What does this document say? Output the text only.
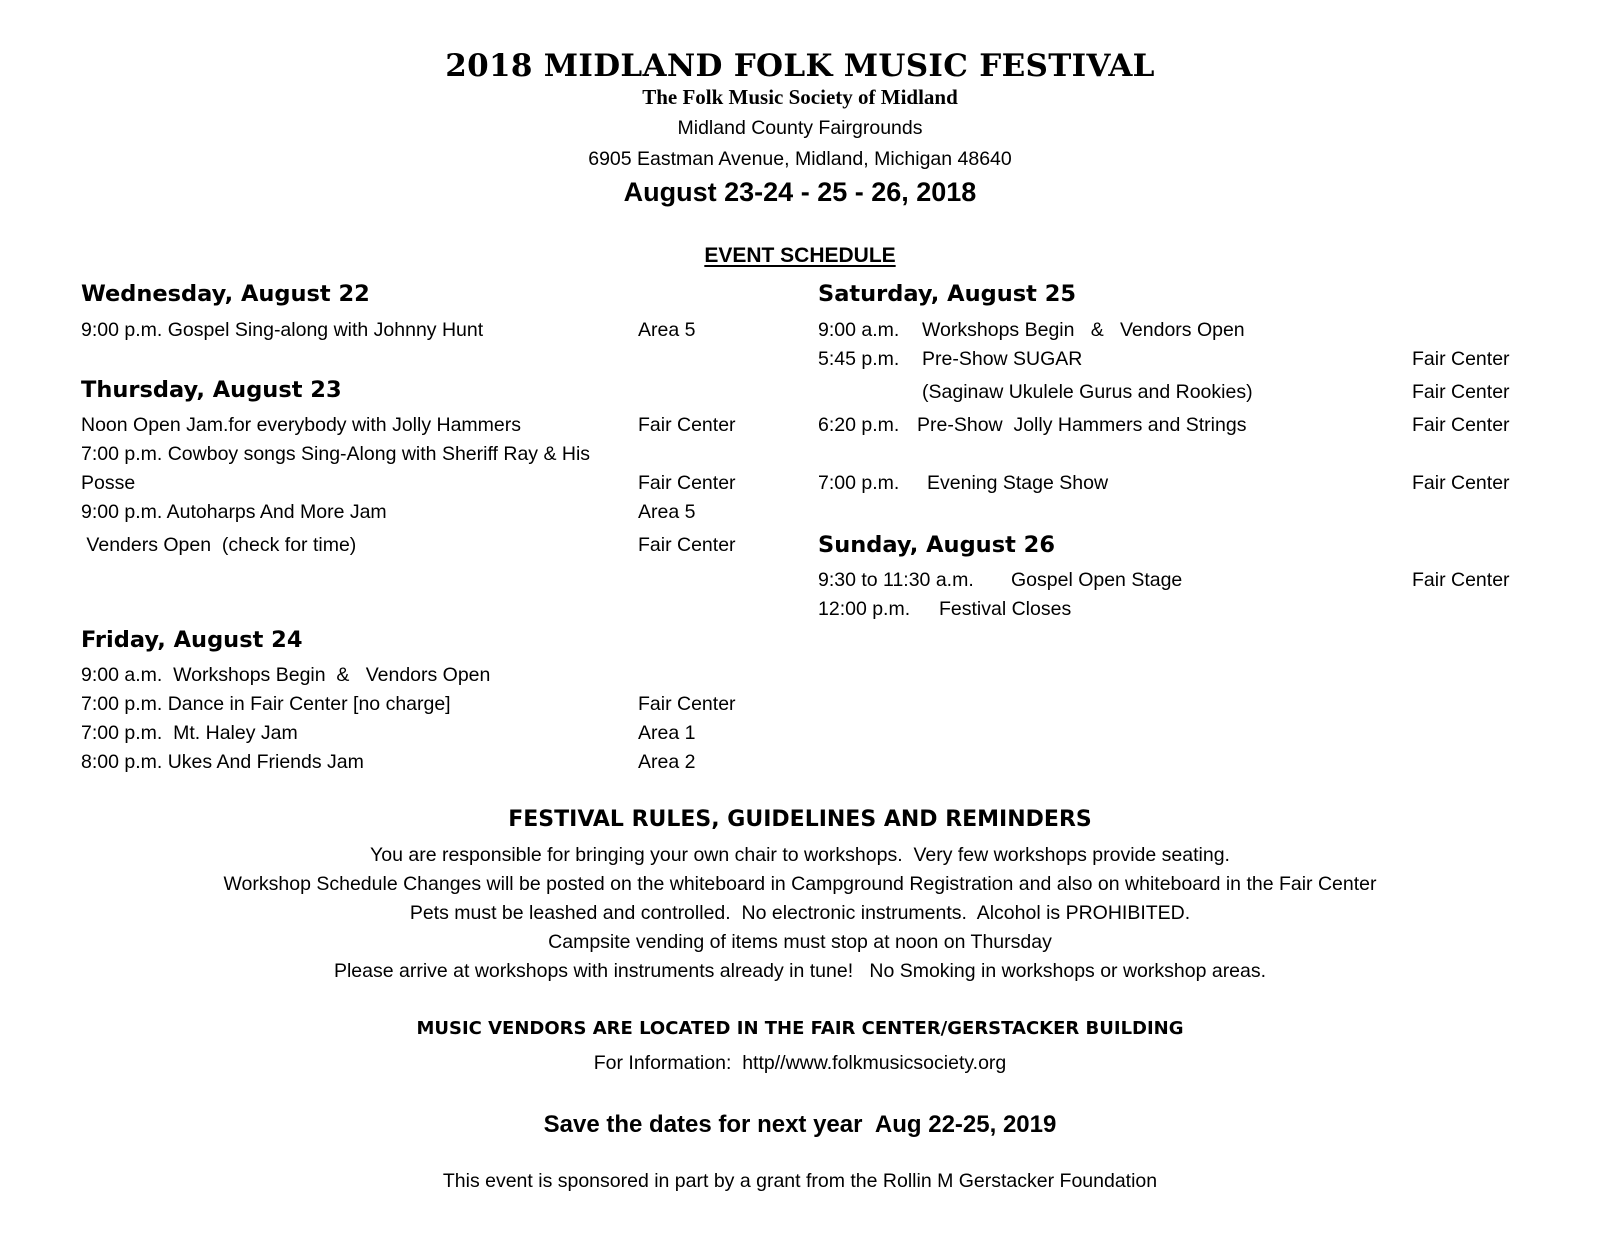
2018 MIDLAND FOLK MUSIC FESTIVAL
The Folk Music Society of Midland
Midland County Fairgrounds
6905 Eastman Avenue, Midland, Michigan 48640
August 23-24 - 25 - 26, 2018
EVENT SCHEDULE
Wednesday, August 22
9:00 p.m. Gospel Sing-along with Johnny Hunt	Area 5
Thursday, August 23
Noon Open Jam.for everybody with Jolly Hammers	Fair Center
7:00 p.m. Cowboy songs Sing-Along with Sheriff Ray & His
Posse	Fair Center
9:00 p.m. Autoharps And More Jam	Area 5
Venders Open  (check for time)	Fair Center
Friday, August 24
9:00 a.m.  Workshops Begin  &   Vendors Open
7:00 p.m. Dance in Fair Center [no charge]	Fair Center
7:00 p.m.  Mt. Haley Jam	Area 1
8:00 p.m. Ukes And Friends Jam	Area 2
Saturday, August 25
9:00 a.m. Workshops Begin   &   Vendors Open
5:45 p.m. Pre-Show SUGAR	Fair Center
(Saginaw Ukulele Gurus and Rookies)	Fair Center
6:20 p.m. Pre-Show  Jolly Hammers and Strings	Fair Center
7:00 p.m. Evening Stage Show	Fair Center
Sunday, August 26
9:30 to 11:30 a.m. Gospel Open Stage	Fair Center
12:00 p.m. Festival Closes
FESTIVAL RULES, GUIDELINES AND REMINDERS
You are responsible for bringing your own chair to workshops.  Very few workshops provide seating.
Workshop Schedule Changes will be posted on the whiteboard in Campground Registration and also on whiteboard in the Fair Center
Pets must be leashed and controlled.  No electronic instruments.  Alcohol is PROHIBITED.
Campsite vending of items must stop at noon on Thursday
Please arrive at workshops with instruments already in tune!   No Smoking in workshops or workshop areas.
MUSIC VENDORS ARE LOCATED IN THE FAIR CENTER/GERSTACKER BUILDING
For Information:  http//www.folkmusicsociety.org
Save the dates for next year  Aug 22-25, 2019
This event is sponsored in part by a grant from the Rollin M Gerstacker Foundation
